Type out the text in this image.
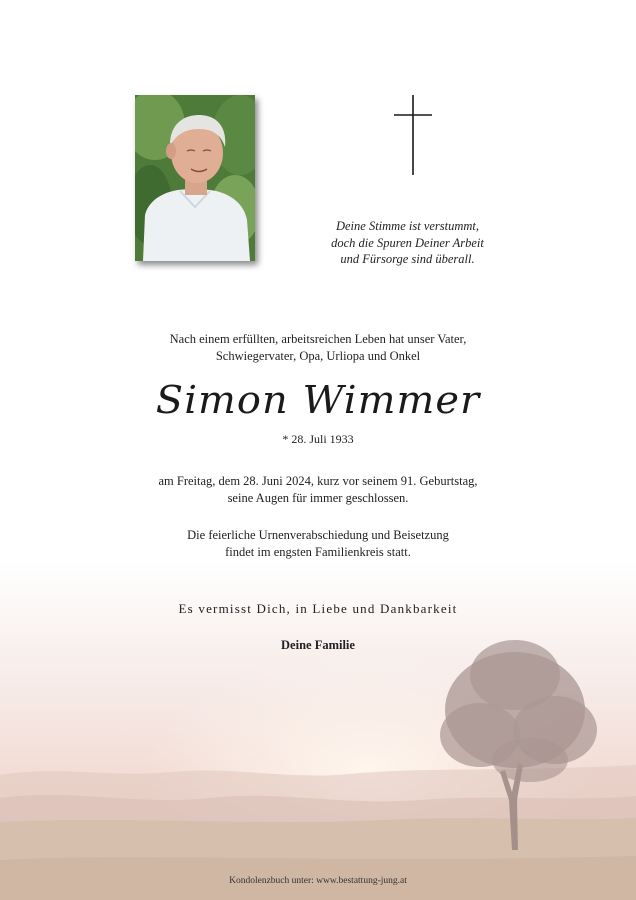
Deine Stimme ist verstummt,
doch die Spuren Deiner Arbeit
und Fürsorge sind überall.
Nach einem erfüllten, arbeitsreichen Leben hat unser Vater,
Schwiegervater, Opa, Urliopa und Onkel
Simon Wimmer
* 28. Juli 1933
am Freitag, dem 28. Juni 2024, kurz vor seinem 91. Geburtstag,
seine Augen für immer geschlossen.
Die feierliche Urnenverabschiedung und Beisetzung
findet im engsten Familienkreis statt.
Es vermisst Dich, in Liebe und Dankbarkeit
Deine Familie
Kondolenzbuch unter: www.bestattung-jung.at
